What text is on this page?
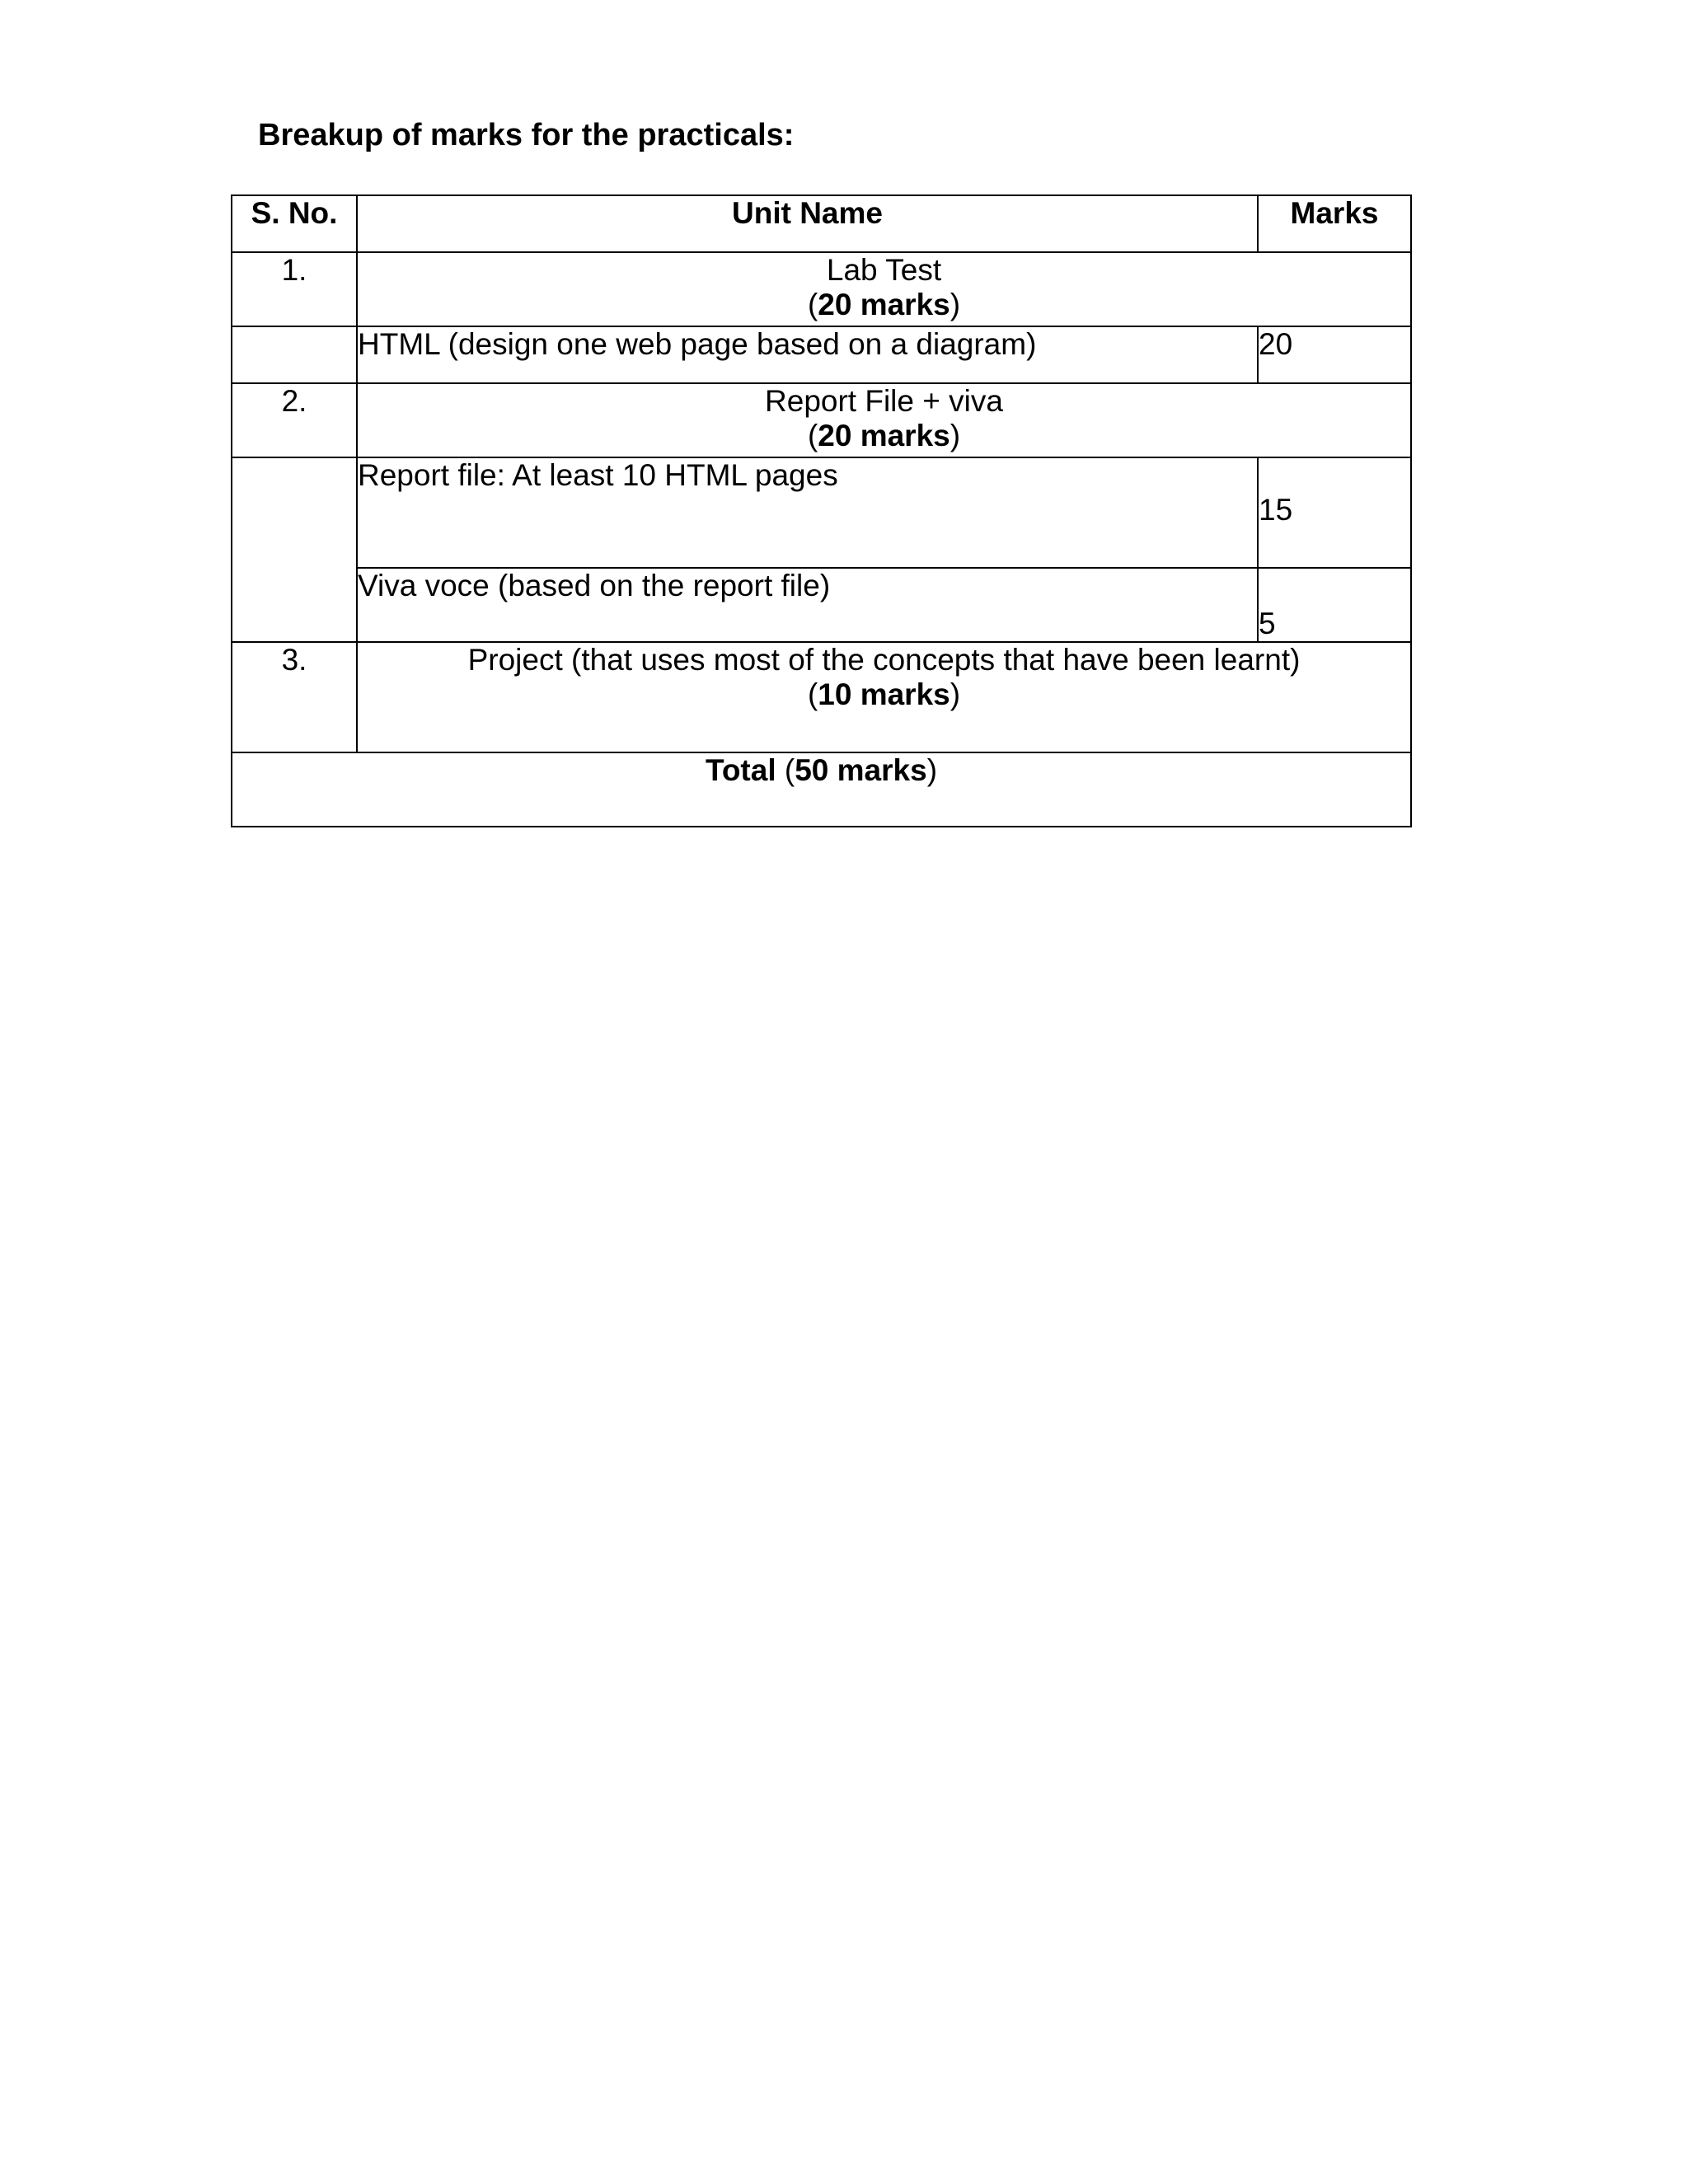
Breakup of marks for the practicals:
S. No.	Unit Name	Marks
1.	Lab Test
(20 marks)	

	HTML (design one web page based on a diagram)	20
2.	Report File + viva
(20 marks)	

	Report file: At least 10 HTML pages	15
	Viva voce (based on the report file)	5
3.	Project (that uses most of the concepts that have been learnt)
(10 marks)	

Total (50 marks)		
